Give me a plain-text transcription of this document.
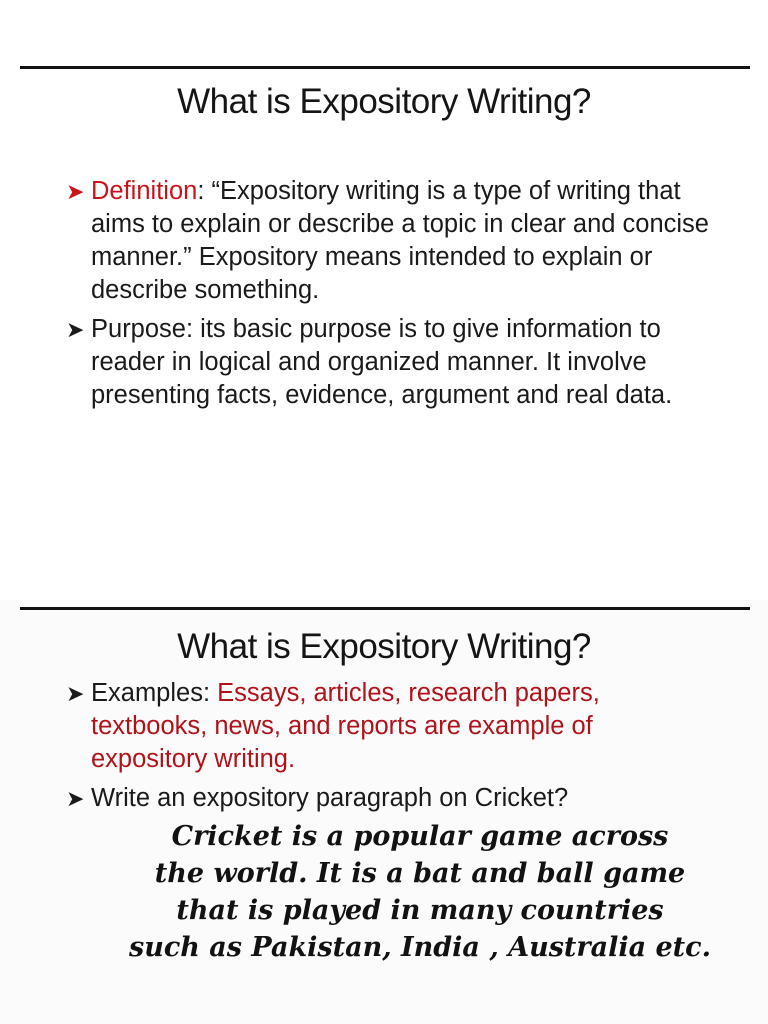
What is Expository Writing?
➤ Definition: “Expository writing is a type of writing that aims to explain or describe a topic in clear and concise manner.” Expository means intended to explain or describe something.
➤ Purpose: its basic purpose is to give information to reader in logical and organized manner. It involve presenting facts, evidence, argument and real data.
What is Expository Writing?
➤ Examples: Essays, articles, research papers, textbooks, news, and reports are example of expository writing.
➤ Write an expository paragraph on Cricket?
Cricket is a popular game across
the world. It is a bat and ball game
that is played in many countries
such as Pakistan, India , Australia etc.
